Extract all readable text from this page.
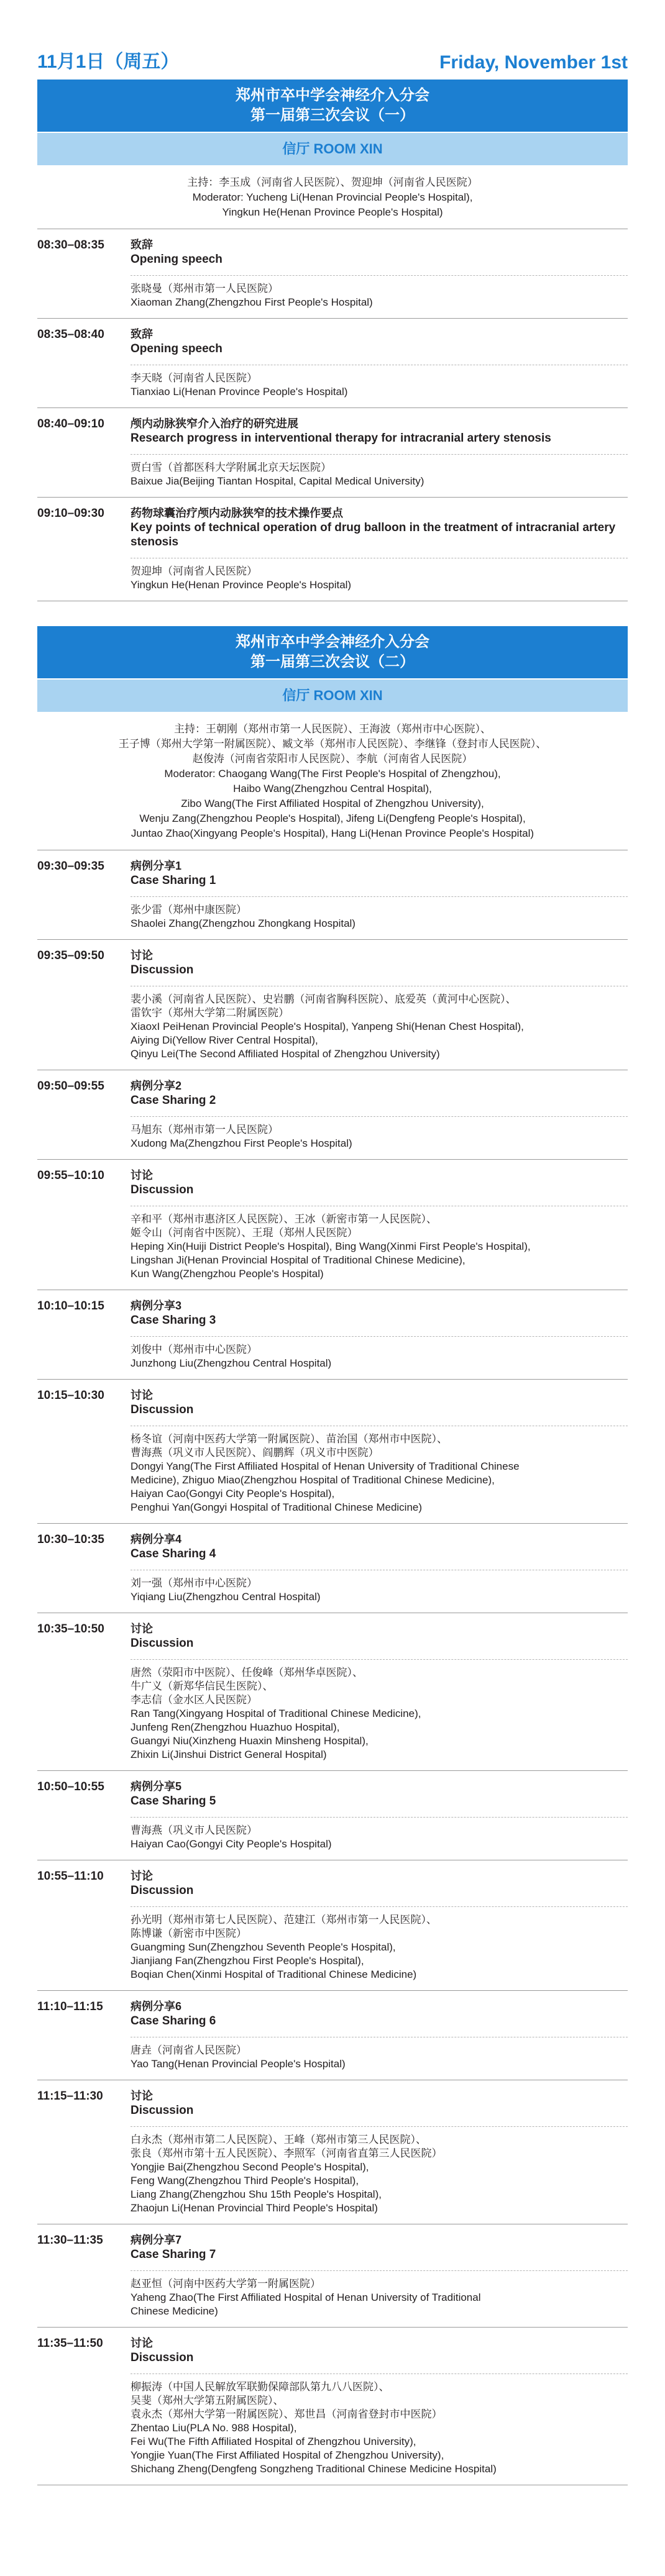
11月1日（周五）	Friday, November 1st
郑州市卒中学会神经介入分会
第一届第三次会议（一）
信厅 ROOM XIN
主持：李玉成（河南省人民医院）、贺迎坤（河南省人民医院）
Moderator: Yucheng Li(Henan Provincial People's Hospital),
Yingkun He(Henan Province People's Hospital)
08:30–08:35	致辞
Opening speech

张晓曼（郑州市第一人民医院）

Xiaoman Zhang(Zhengzhou First People's Hospital)

08:35–08:40	致辞
Opening speech

李天晓（河南省人民医院）

Tianxiao Li(Henan Province People's Hospital)

08:40–09:10	颅内动脉狭窄介入治疗的研究进展
Research progress in interventional therapy for intracranial artery stenosis

贾白雪（首都医科大学附属北京天坛医院）

Baixue Jia(Beijing Tiantan Hospital, Capital Medical University)

09:10–09:30	药物球囊治疗颅内动脉狭窄的技术操作要点
Key points of technical operation of drug balloon in the treatment of intracranial artery stenosis

贺迎坤（河南省人民医院）

Yingkun He(Henan Province People's Hospital)

郑州市卒中学会神经介入分会
第一届第三次会议（二）
信厅 ROOM XIN
主持：王朝刚（郑州市第一人民医院）、王海波（郑州市中心医院）、
王子博（郑州大学第一附属医院）、臧文举（郑州市人民医院）、李继锋（登封市人民医院）、
赵俊涛（河南省荥阳市人民医院）、李航（河南省人民医院）
Moderator: Chaogang Wang(The First People's Hospital of Zhengzhou),
Haibo Wang(Zhengzhou Central Hospital),
Zibo Wang(The First Affiliated Hospital of Zhengzhou University),
Wenju Zang(Zhengzhou People's Hospital), Jifeng Li(Dengfeng People's Hospital),
Juntao Zhao(Xingyang People's Hospital), Hang Li(Henan Province People's Hospital)
09:30–09:35	病例分享1
Case Sharing 1

张少雷（郑州中康医院）

Shaolei Zhang(Zhengzhou Zhongkang Hospital)

09:35–09:50	讨论
Discussion

裴小溪（河南省人民医院）、史岩鹏（河南省胸科医院）、底爱英（黄河中心医院）、

雷钦宇（郑州大学第二附属医院）

XiaoxI PeiHenan Provincial People's Hospital), Yanpeng Shi(Henan Chest Hospital),

Aiying Di(Yellow River Central Hospital),

Qinyu Lei(The Second Affiliated Hospital of Zhengzhou University)

09:50–09:55	病例分享2
Case Sharing 2

马旭东（郑州市第一人民医院）

Xudong Ma(Zhengzhou First People's Hospital)

09:55–10:10	讨论
Discussion

辛和平（郑州市惠济区人民医院）、王冰（新密市第一人民医院）、

姬令山（河南省中医院）、王琨（郑州人民医院）

Heping Xin(Huiji District People's Hospital), Bing Wang(Xinmi First People's Hospital),

Lingshan Ji(Henan Provincial Hospital of Traditional Chinese Medicine),

Kun Wang(Zhengzhou People's Hospital)

10:10–10:15	病例分享3
Case Sharing 3

刘俊中（郑州市中心医院）

Junzhong Liu(Zhengzhou Central Hospital)

10:15–10:30	讨论
Discussion

杨冬谊（河南中医药大学第一附属医院）、苗治国（郑州市中医院）、

曹海燕（巩义市人民医院）、阎鹏辉（巩义市中医院）

Dongyi Yang(The First Affiliated Hospital of Henan University of Traditional Chinese

Medicine), Zhiguo Miao(Zhengzhou Hospital of Traditional Chinese Medicine),

Haiyan Cao(Gongyi City People's Hospital),

Penghui Yan(Gongyi Hospital of Traditional Chinese Medicine)

10:30–10:35	病例分享4
Case Sharing 4

刘一强（郑州市中心医院）

Yiqiang Liu(Zhengzhou Central Hospital)

10:35–10:50	讨论
Discussion

唐然（荥阳市中医院）、任俊峰（郑州华卓医院）、

牛广义（新郑华信民生医院）、

李志信（金水区人民医院）

Ran Tang(Xingyang Hospital of Traditional Chinese Medicine),

Junfeng Ren(Zhengzhou Huazhuo Hospital),

Guangyi Niu(Xinzheng Huaxin Minsheng Hospital),

Zhixin Li(Jinshui District General Hospital)

10:50–10:55	病例分享5
Case Sharing 5

曹海燕（巩义市人民医院）

Haiyan Cao(Gongyi City People's Hospital)

10:55–11:10	讨论
Discussion

孙光明（郑州市第七人民医院）、范建江（郑州市第一人民医院）、

陈博谦（新密市中医院）

Guangming Sun(Zhengzhou Seventh People's Hospital),

Jianjiang Fan(Zhengzhou First People's Hospital),

Boqian Chen(Xinmi Hospital of Traditional Chinese Medicine)

11:10–11:15	病例分享6
Case Sharing 6

唐垚（河南省人民医院）

Yao Tang(Henan Provincial People's Hospital)

11:15–11:30	讨论
Discussion

白永杰（郑州市第二人民医院）、王峰（郑州市第三人民医院）、

张良（郑州市第十五人民医院）、李照军（河南省直第三人民医院）

Yongjie Bai(Zhengzhou Second People's Hospital),

Feng Wang(Zhengzhou Third People's Hospital),

Liang Zhang(Zhengzhou Shu 15th People's Hospital),

Zhaojun Li(Henan Provincial Third People's Hospital)

11:30–11:35	病例分享7
Case Sharing 7

赵亚恒（河南中医药大学第一附属医院）

Yaheng Zhao(The First Affiliated Hospital of Henan University of Traditional

Chinese Medicine)

11:35–11:50	讨论
Discussion

柳振涛（中国人民解放军联勤保障部队第九八八医院）、

吴斐（郑州大学第五附属医院）、

袁永杰（郑州大学第一附属医院）、郑世昌（河南省登封市中医院）

Zhentao Liu(PLA No. 988 Hospital),

Fei Wu(The Fifth Affiliated Hospital of Zhengzhou University),

Yongjie Yuan(The First Affiliated Hospital of Zhengzhou University),

Shichang Zheng(Dengfeng Songzheng Traditional Chinese Medicine Hospital)
